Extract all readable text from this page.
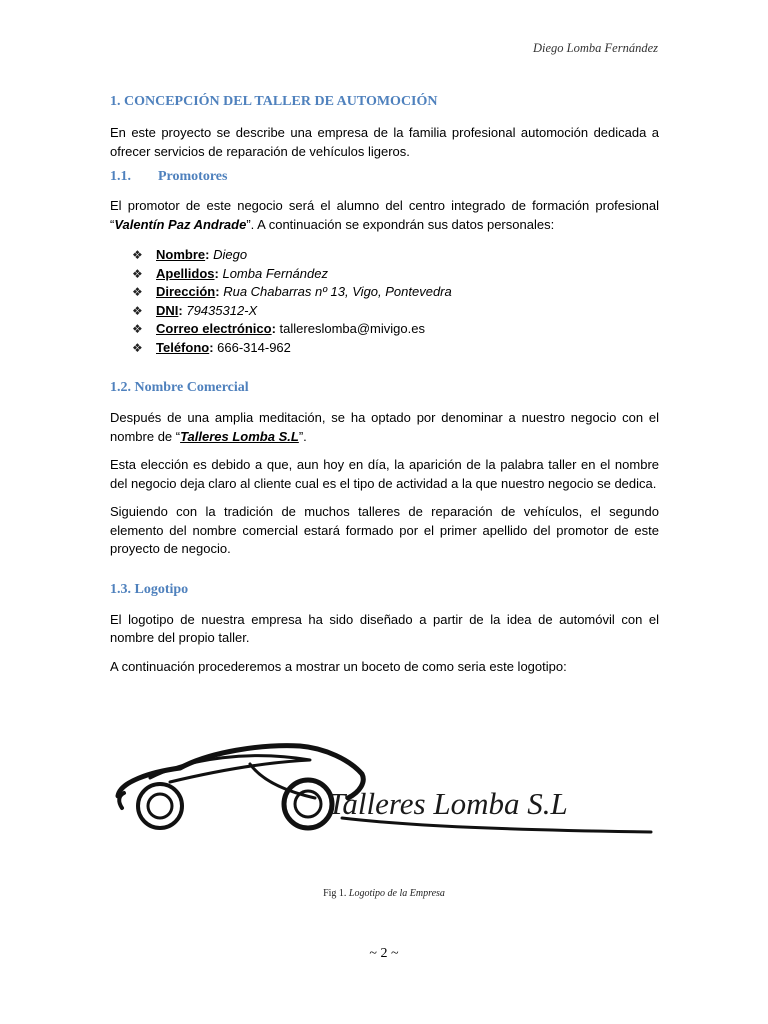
Diego Lomba Fernández
1. CONCEPCIÓN DEL TALLER DE AUTOMOCIÓN

En este proyecto se describe una empresa de la familia profesional automoción dedicada a ofrecer servicios de reparación de vehículos ligeros.

1.1. Promotores

El promotor de este negocio será el alumno del centro integrado de formación profesional “Valentín Paz Andrade”. A continuación se expondrán sus datos personales:

❖	Nombre: Diego
❖	Apellidos: Lomba Fernández
❖	Dirección: Rua Chabarras nº 13, Vigo, Pontevedra
❖	DNI: 79435312-X
❖	Correo electrónico: taller​eslomba@mivigo.es
❖	Teléfono: 666-314-962
1.2. Nombre Comercial

Después de una amplia meditación, se ha optado por denominar a nuestro negocio con el nombre de “Talleres Lomba S.L”.

Esta elección es debido a que, aun hoy en día, la aparición de la palabra taller en el nombre del negocio deja claro al cliente cual es el tipo de actividad a la que nuestro negocio se dedica.

Siguiendo con la tradición de muchos talleres de reparación de vehículos, el segundo elemento del nombre comercial estará formado por el primer apellido del promotor de este proyecto de negocio.

1.3. Logotipo

El logotipo de nuestra empresa ha sido diseñado a partir de la idea de automóvil con el nombre del propio taller.

A continuación procederemos a mostrar un boceto de como seria este logotipo:

Talleres Lomba S.L
Fig 1. Logotipo de la Empresa
~ 2 ~
